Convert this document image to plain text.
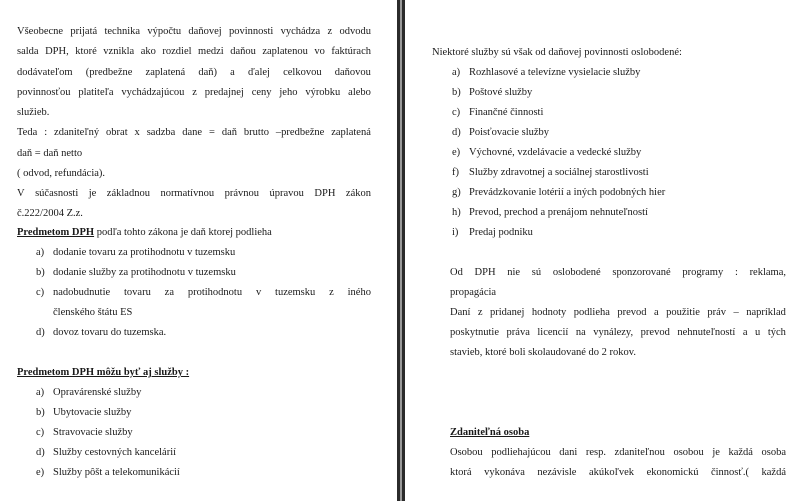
Všeobecne prijatá technika výpočtu daňovej povinnosti vychádza z odvodu
salda DPH, ktoré vznikla ako rozdiel medzi daňou zaplatenou vo faktúrach
dodávateľom (predbežne zaplatená daň) a ďalej celkovou daňovou
povinnosťou platiteľa vychádzajúcou z predajnej ceny jeho výrobku alebo
služieb.
Teda : zdaniteľný obrat x sadzba dane = daň brutto –predbežne zaplatená
daň = daň netto
( odvod, refundácia).
V súčasnosti je základnou normatívnou právnou úpravou DPH zákon
č.222/2004 Z.z.
Predmetom DPH podľa tohto zákona je daň ktorej podlieha
a) dodanie tovaru za protihodnotu v tuzemsku
b) dodanie služby za protihodnotu v tuzemsku
c) nadobudnutie tovaru za protihodnotu v tuzemsku z iného
členského štátu ES
d) dovoz tovaru do tuzemska.
Predmetom DPH môžu byť aj služby :
a) Opravárenské služby
b) Ubytovacie služby
c) Stravovacie služby
d) Služby cestovných kancelárií
e) Služby pôšt a telekomunikácií
Niektoré služby sú však od daňovej povinnosti oslobodené:
a) Rozhlasové a televízne vysielacie služby
b) Poštové služby
c) Finančné činnosti
d) Poisťovacie služby
e) Výchovné, vzdelávacie a vedecké služby
f) Služby zdravotnej a sociálnej starostlivosti
g) Prevádzkovanie lotérií a iných podobných hier
h) Prevod, prechod a prenájom nehnuteľností
i) Predaj podniku
Od DPH nie sú oslobodené sponzorované programy : reklama,
propagácia
Daní z pridanej hodnoty podlieha prevod a použitie práv – napríklad
poskytnutie práva licencií na vynálezy, prevod nehnuteľností a u tých
stavieb, ktoré boli skolaudované do 2 rokov.
Zdaniteľná osoba
Osobou podliehajúcou dani resp. zdaniteľnou osobou je každá osoba
ktorá vykonáva nezávisle akúkoľvek ekonomickú činnosť.( každá
